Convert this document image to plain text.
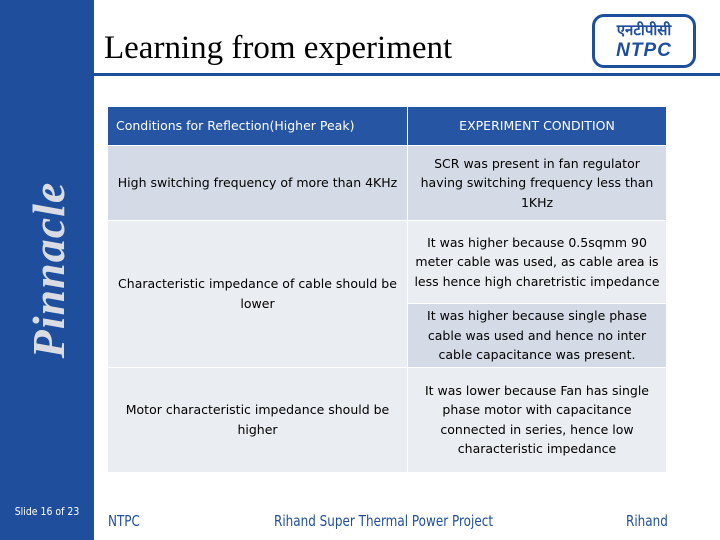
Pinnacle
Slide 16 of 23
Learning from experiment	एनटीपीसी
NTPC
Conditions for Reflection(Higher Peak)	EXPERIMENT CONDITION
High switching frequency of more than 4KHz	SCR was present in fan regulator having switching frequency less than 1KHz
Characteristic impedance of cable should be lower	It was higher because 0.5sqmm 90 meter cable was used, as cable area is less hence high charetristic impedance
	It was higher because single phase cable was used and hence no inter cable capacitance was present.
Motor characteristic impedance should be higher	It was lower because Fan has single phase motor with capacitance connected in series, hence low characteristic impedance
NTPC	Rihand Super Thermal Power Project	Rihand
